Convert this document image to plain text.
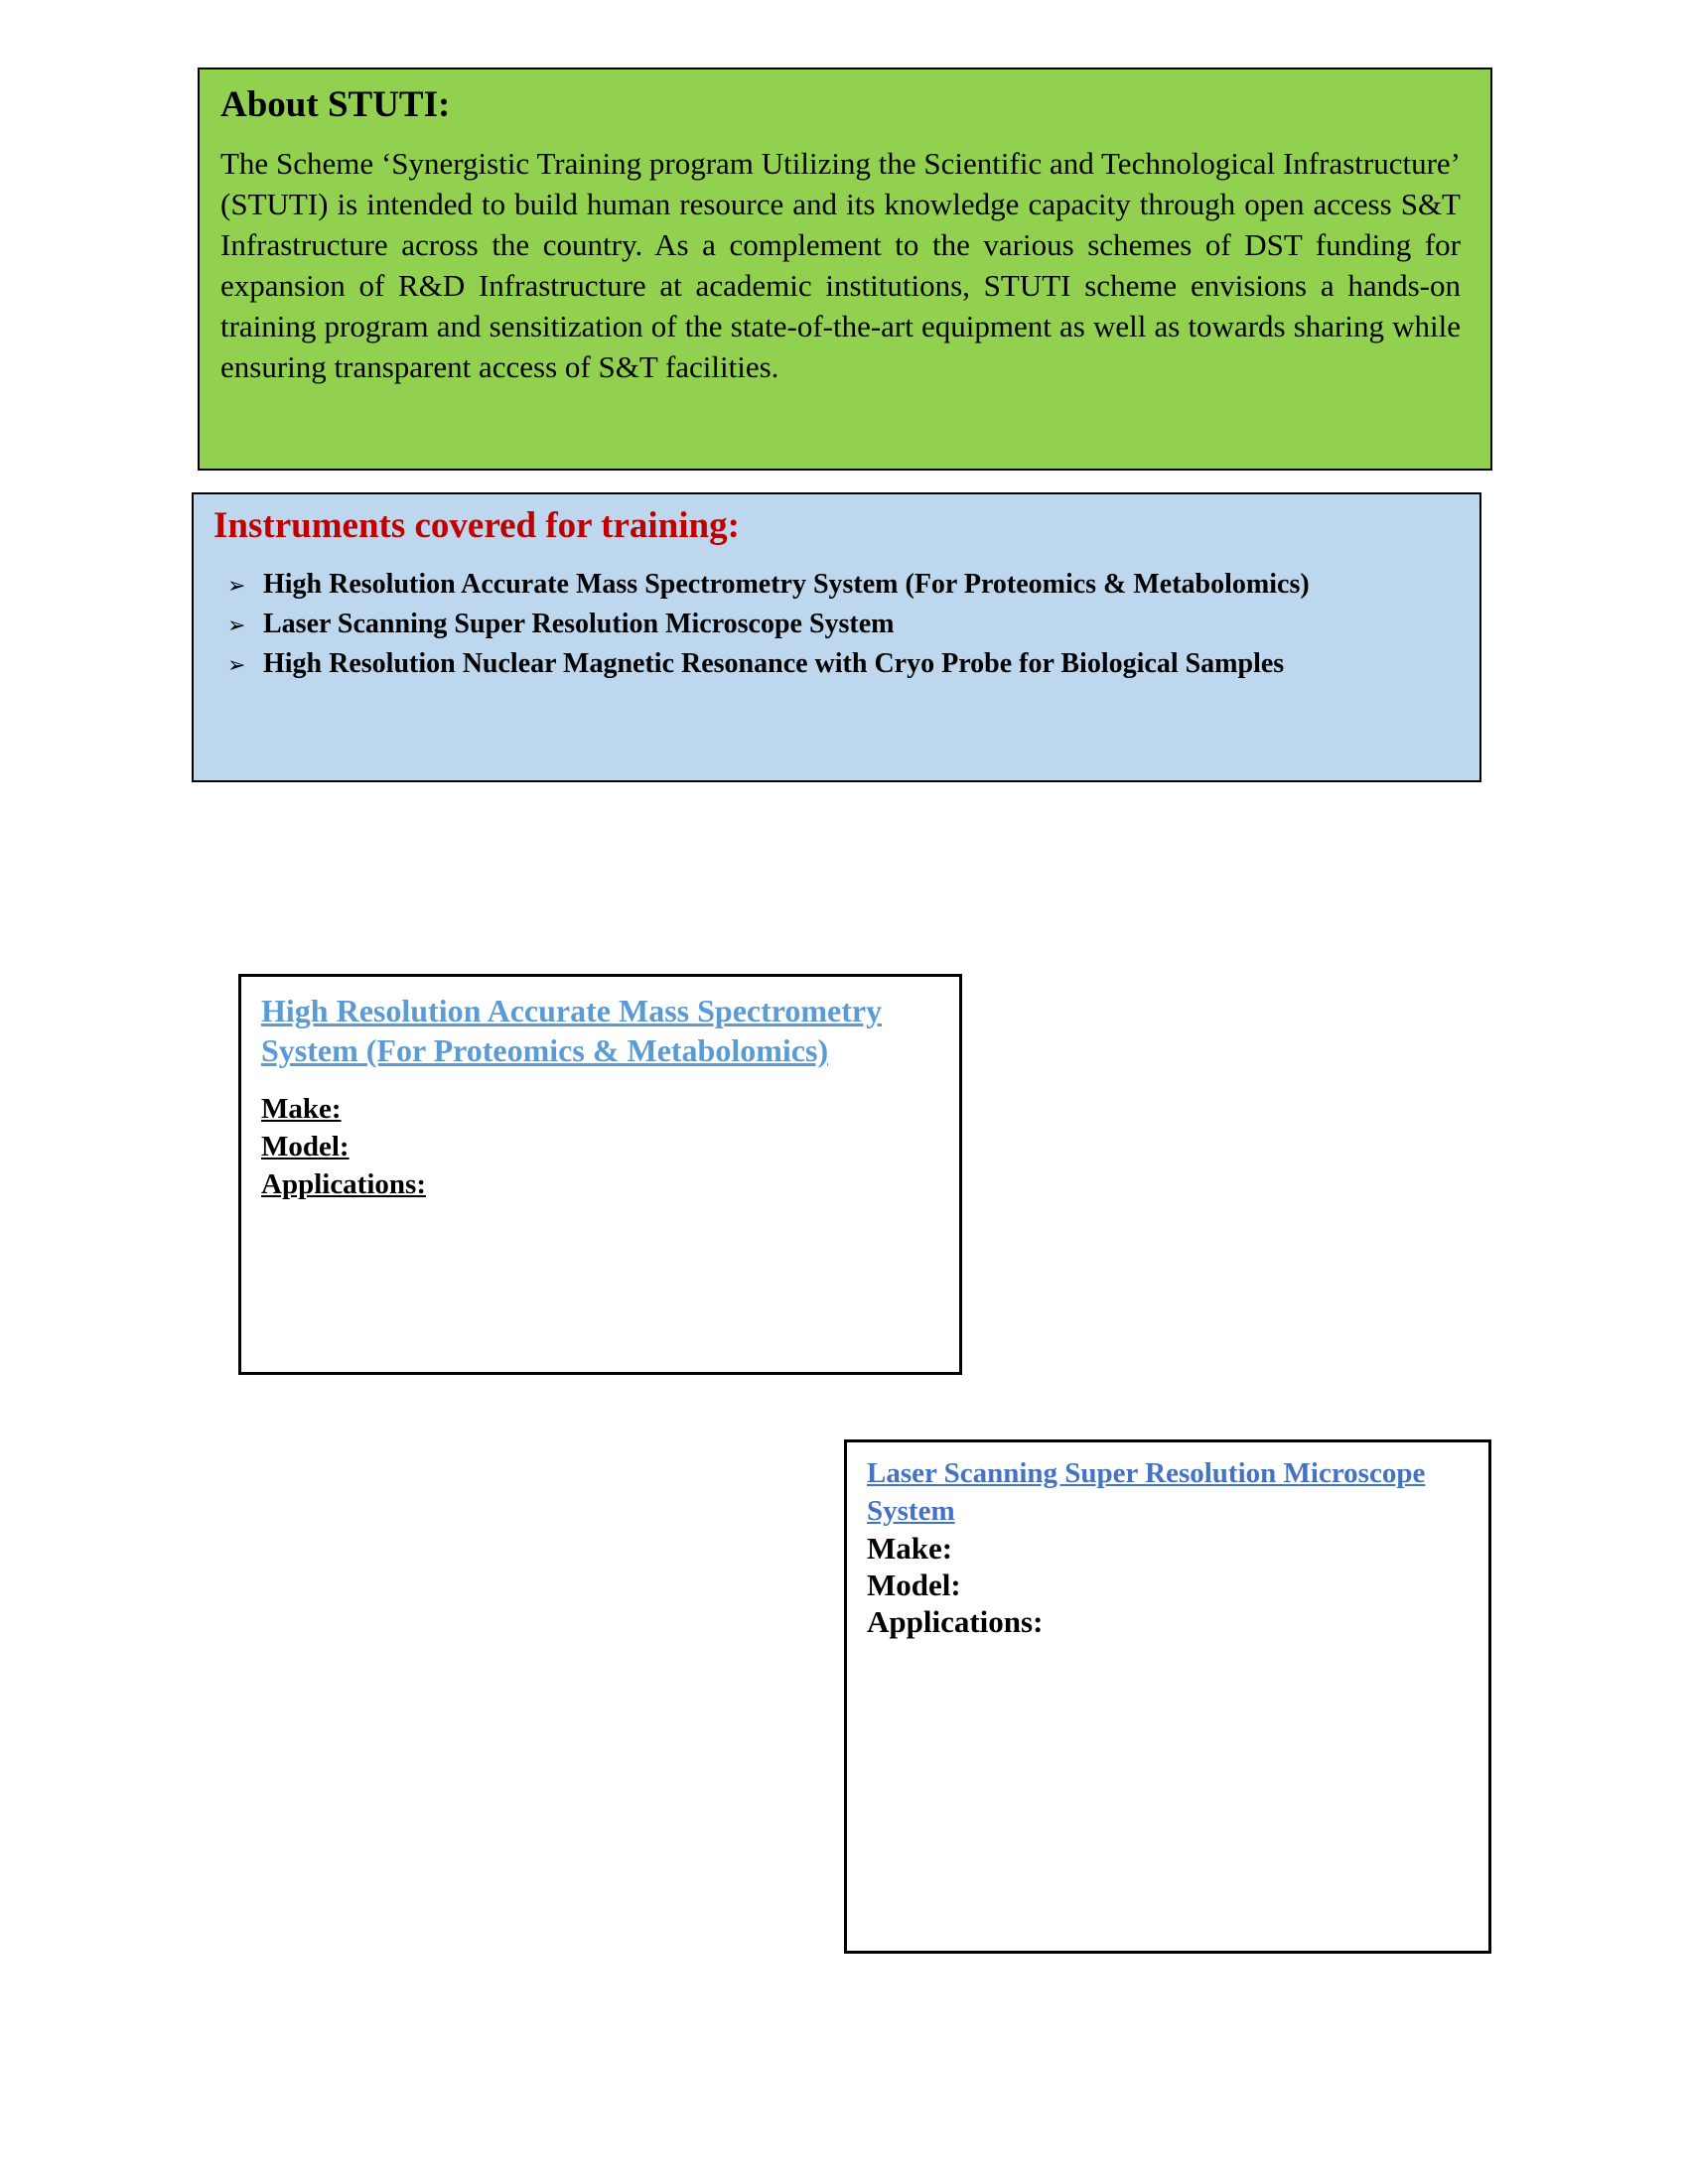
About STUTI:

The Scheme ‘Synergistic Training program Utilizing the Scientific and Technological Infrastructure’ (STUTI) is intended to build human resource and its knowledge capacity through open access S&T Infrastructure across the country. As a complement to the various schemes of DST funding for expansion of R&D Infrastructure at academic institutions, STUTI scheme envisions a hands-on training program and sensitization of the state-of-the-art equipment as well as towards sharing while ensuring transparent access of S&T facilities.

Instruments covered for training:
➢ High Resolution Accurate Mass Spectrometry System (For Proteomics & Metabolomics)
➢ Laser Scanning Super Resolution Microscope System
➢ High Resolution Nuclear Magnetic Resonance with Cryo Probe for Biological Samples

High Resolution Accurate Mass Spectrometry System (For Proteomics & Metabolomics)

Make:

Model:

Applications:

Laser Scanning Super Resolution Microscope System

Make:

Model:

Applications:
